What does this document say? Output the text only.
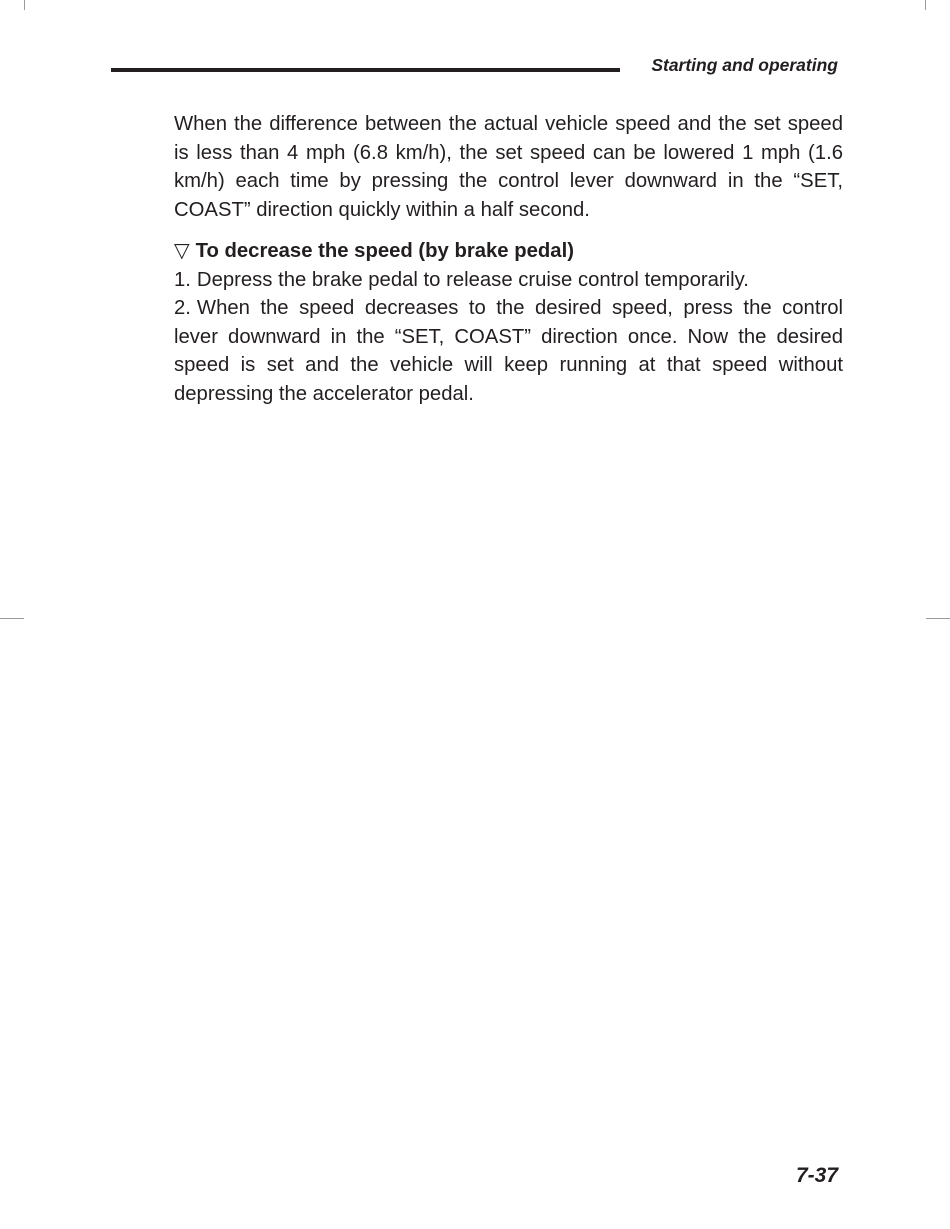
Starting and operating

When the difference between the actual vehicle speed and the set speed is less than 4 mph (6.8 km/h), the set speed can be lowered 1 mph (1.6 km/h) each time by pressing the control lever downward in the “SET, COAST” direction quickly within a half second.

▽ To decrease the speed (by brake pedal)

1. Depress the brake pedal to release cruise control temporarily.

2. When the speed decreases to the desired speed, press the control lever downward in the “SET, COAST” direction once. Now the desired speed is set and the vehicle will keep running at that speed without depressing the accelerator pedal.

7-37
